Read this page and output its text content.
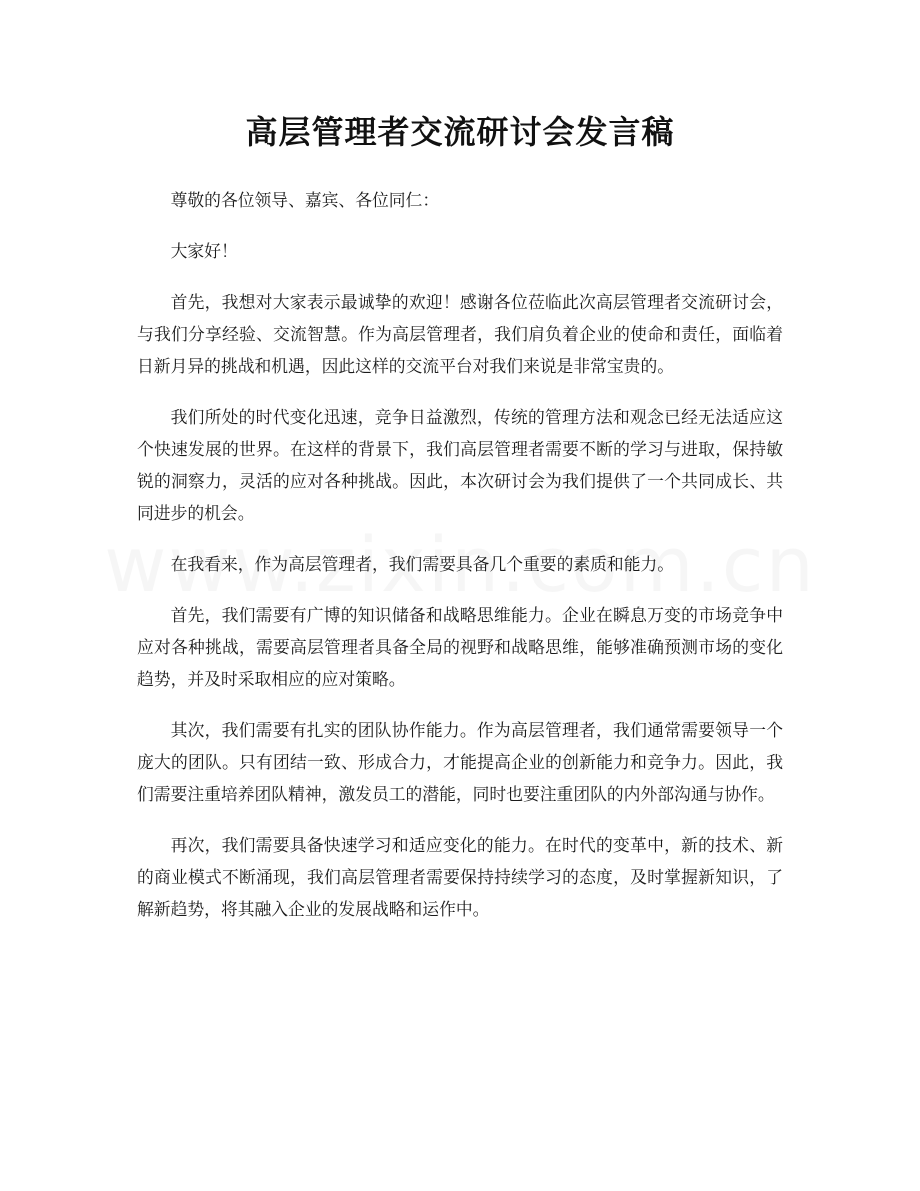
高层管理者交流研讨会发言稿

尊敬的各位领导、嘉宾、各位同仁：

大家好！

首先，我想对大家表示最诚挚的欢迎！感谢各位莅临此次高层管理者交流研讨会，与我们分享经验、交流智慧。作为高层管理者，我们肩负着企业的使命和责任，面临着日新月异的挑战和机遇，因此这样的交流平台对我们来说是非常宝贵的。

我们所处的时代变化迅速，竞争日益激烈，传统的管理方法和观念已经无法适应这个快速发展的世界。在这样的背景下，我们高层管理者需要不断的学习与进取，保持敏锐的洞察力，灵活的应对各种挑战。因此，本次研讨会为我们提供了一个共同成长、共同进步的机会。

在我看来，作为高层管理者，我们需要具备几个重要的素质和能力。

首先，我们需要有广博的知识储备和战略思维能力。企业在瞬息万变的市场竞争中应对各种挑战，需要高层管理者具备全局的视野和战略思维，能够准确预测市场的变化趋势，并及时采取相应的应对策略。

其次，我们需要有扎实的团队协作能力。作为高层管理者，我们通常需要领导一个庞大的团队。只有团结一致、形成合力，才能提高企业的创新能力和竞争力。因此，我们需要注重培养团队精神，激发员工的潜能，同时也要注重团队的内外部沟通与协作。

再次，我们需要具备快速学习和适应变化的能力。在时代的变革中，新的技术、新的商业模式不断涌现，我们高层管理者需要保持持续学习的态度，及时掌握新知识，了解新趋势，将其融入企业的发展战略和运作中。
